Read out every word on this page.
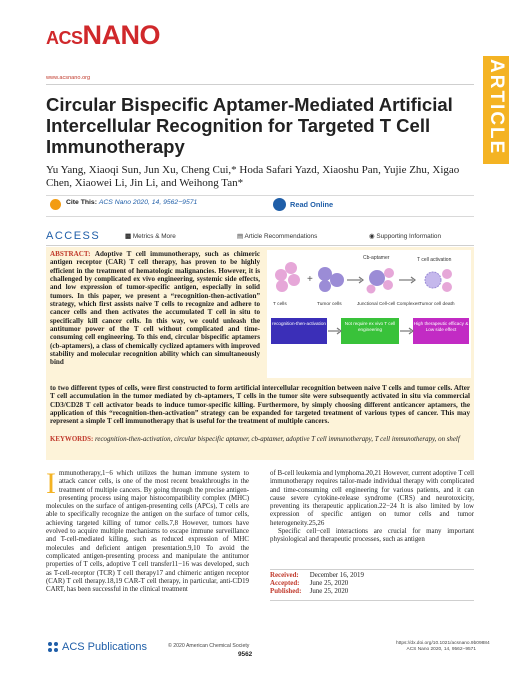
ACSNANO
www.acsnano.org	ARTICLE
Circular Bispecific Aptamer-Mediated Artificial Intercellular Recognition for Targeted T Cell Immunotherapy
Yu Yang, Xiaoqi Sun, Jun Xu, Cheng Cui,* Hoda Safari Yazd, Xiaoshu Pan, Yujie Zhu, Xigao Chen, Xiaowei Li, Jin Li, and Weihong Tan*
Cite This: ACS Nano 2020, 14, 9562−9571	Read Online
ACCESS	▩ Metrics & More	▤ Article Recommendations	◉ Supporting Information
ABSTRACT: Adoptive T cell immunotherapy, such as chimeric antigen receptor (CAR) T cell therapy, has proven to be highly efficient in the treatment of hematologic malignancies. However, it is challenged by complicated ex vivo engineering, systemic side effects, and low expression of tumor-specific antigen, especially in solid tumors. In this paper, we present a “recognition-then-activation” strategy, which first assists naive T cells to recognize and adhere to cancer cells and then activates the accumulated T cell in situ to specifically kill cancer cells. In this way, we could unleash the antitumor power of the T cell without complicated and time-consuming cell engineering. To this end, circular bispecific aptamers (cb-aptamers), a class of chemically cyclized aptamers with improved stability and molecular recognition ability which can simultaneously bind
to two different types of cells, were first constructed to form artificial intercellular recognition between naive T cells and tumor cells. After T cell accumulation in the tumor mediated by cb-aptamers, T cells in the tumor site were subsequently activated in situ via commercial CD3/CD28 T cell activator beads to induce tumor-specific killing. Furthermore, by simply choosing different anticancer aptamers, the application of this “recognition-then-activation” strategy can be expanded for targeted treatment of various types of cancer. This may represent a simple T cell immunotherapy that is useful for the treatment of multiple cancers.
KEYWORDS: recognition-then-activation, circular bispecific aptamer, cb-aptamer, adoptive T cell immunotherapy, T cell immunotherapy, on shelf
+
Cb-aptamer	T cell activation
T cells	Tumor cells	Junctional Cell-cell Complexes Tumor cell death
recognition-then-activation	Not require ex vivo T cell engineering
High therapeutic efficacy & Low side effect
I mmunotherapy,1−6 which utilizes the human immune system to attack cancer cells, is one of the most recent breakthroughs in the treatment of multiple cancers. By going through the precise antigen-presenting process using major histocompatibility complex (MHC) molecules on the surface of antigen-presenting cells (APCs), T cells are able to specifically recognize the antigen on the surface of tumor cells, achieving targeted killing of tumor cells.7,8 However, tumors have evolved to acquire multiple mechanisms to escape immune surveillance and T-cell-mediated killing, such as reduced expression of MHC molecules and deficient antigen presentation.9,10 To avoid the complicated antigen-presenting process and manipulate the antitumor properties of T cells, adoptive T cell transfer11−16 was developed, such as T-cell-receptor (TCR) T cell therapy17 and chimeric antigen receptor (CAR) T cell therapy.18,19 CAR-T cell therapy, in particular, anti-CD19 CART, has been successful in the clinical treatment

of B-cell leukemia and lymphoma.20,21 However, current adoptive T cell immunotherapy requires tailor-made individual therapy with complicated and time-consuming cell engineering for various patients, and it can cause severe cytokine-release syndrome (CRS) and neurotoxicity, preventing its therapeutic application.22−24 It is also limited by low expression of specific antigen on tumor cells and tumor heterogeneity.25,26

Specific cell−cell interactions are crucial for many important physiological and therapeutic processes, such as antigen

Received: December 16, 2019
Accepted: June 25, 2020
Published: June 25, 2020
ACS Publications	© 2020 American Chemical Society
9562
https://dx.doi.org/10.1021/acsnano.9b09884
ACS Nano 2020, 14, 9562−9571
